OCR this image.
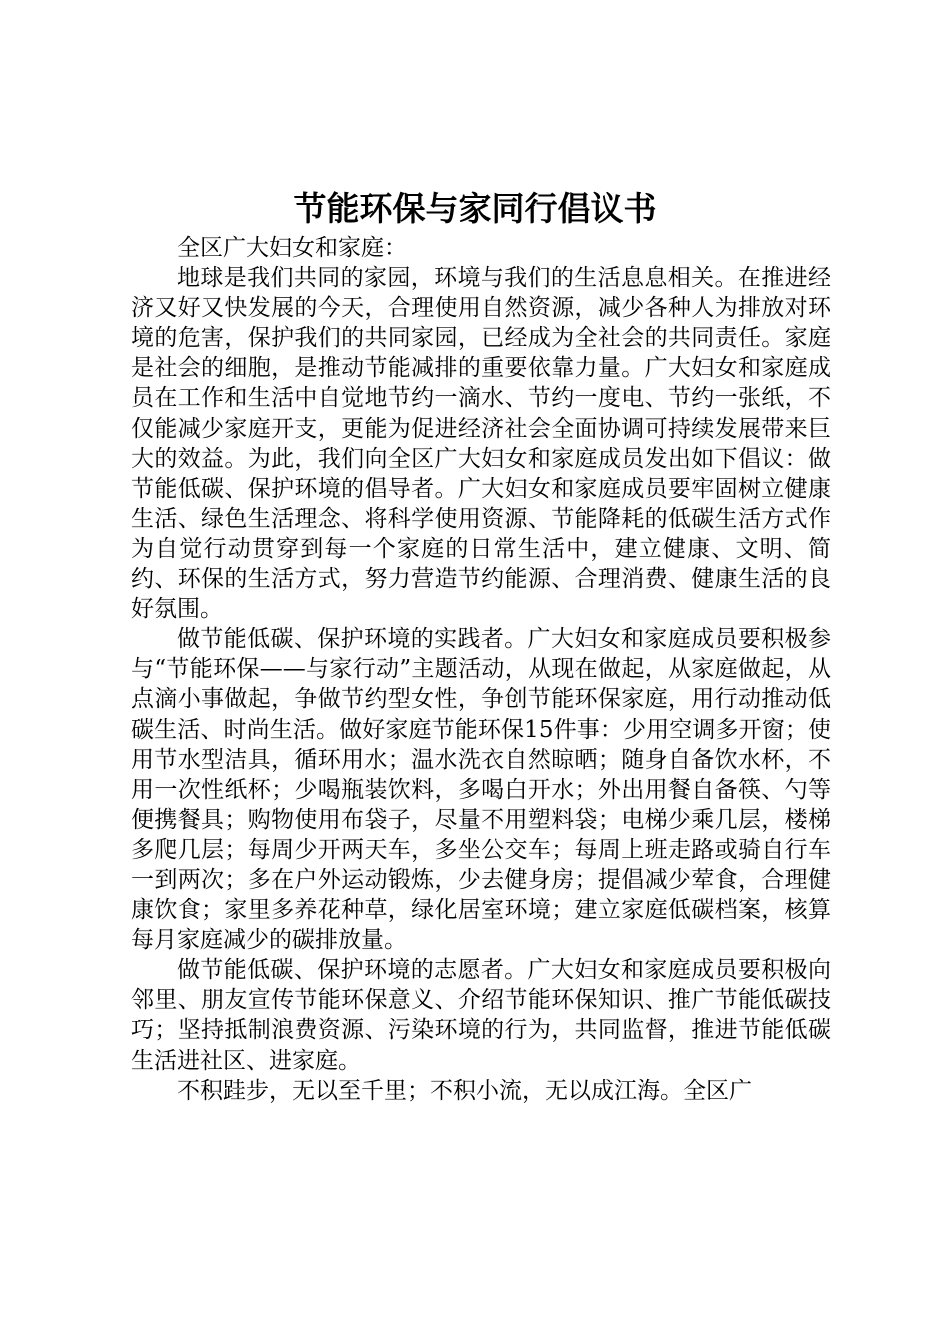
节能环保与家同行倡议书

全区广大妇女和家庭：

地球是我们共同的家园，环境与我们的生活息息相关。在推进经济又好又快发展的今天，合理使用自然资源，减少各种人为排放对环境的危害，保护我们的共同家园，已经成为全社会的共同责任。家庭是社会的细胞，是推动节能减排的重要依靠力量。广大妇女和家庭成员在工作和生活中自觉地节约一滴水、节约一度电、节约一张纸，不仅能减少家庭开支，更能为促进经济社会全面协调可持续发展带来巨大的效益。为此，我们向全区广大妇女和家庭成员发出如下倡议：做节能低碳、保护环境的倡导者。广大妇女和家庭成员要牢固树立健康生活、绿色生活理念、将科学使用资源、节能降耗的低碳生活方式作为自觉行动贯穿到每一个家庭的日常生活中，建立健康、文明、简约、环保的生活方式，努力营造节约能源、合理消费、健康生活的良好氛围。

做节能低碳、保护环境的实践者。广大妇女和家庭成员要积极参与“节能环保——与家行动”主题活动，从现在做起，从家庭做起，从点滴小事做起，争做节约型女性，争创节能环保家庭，用行动推动低碳生活、时尚生活。做好家庭节能环保15件事：少用空调多开窗；使用节水型洁具，循环用水；温水洗衣自然晾晒；随身自备饮水杯，不用一次性纸杯；少喝瓶装饮料，多喝白开水；外出用餐自备筷、勺等便携餐具；购物使用布袋子，尽量不用塑料袋；电梯少乘几层，楼梯多爬几层；每周少开两天车，多坐公交车；每周上班走路或骑自行车一到两次；多在户外运动锻炼，少去健身房；提倡减少荤食，合理健康饮食；家里多养花种草，绿化居室环境；建立家庭低碳档案，核算每月家庭减少的碳排放量。

做节能低碳、保护环境的志愿者。广大妇女和家庭成员要积极向邻里、朋友宣传节能环保意义、介绍节能环保知识、推广节能低碳技巧；坚持抵制浪费资源、污染环境的行为，共同监督，推进节能低碳生活进社区、进家庭。

不积跬步，无以至千里；不积小流，无以成江海。全区广
